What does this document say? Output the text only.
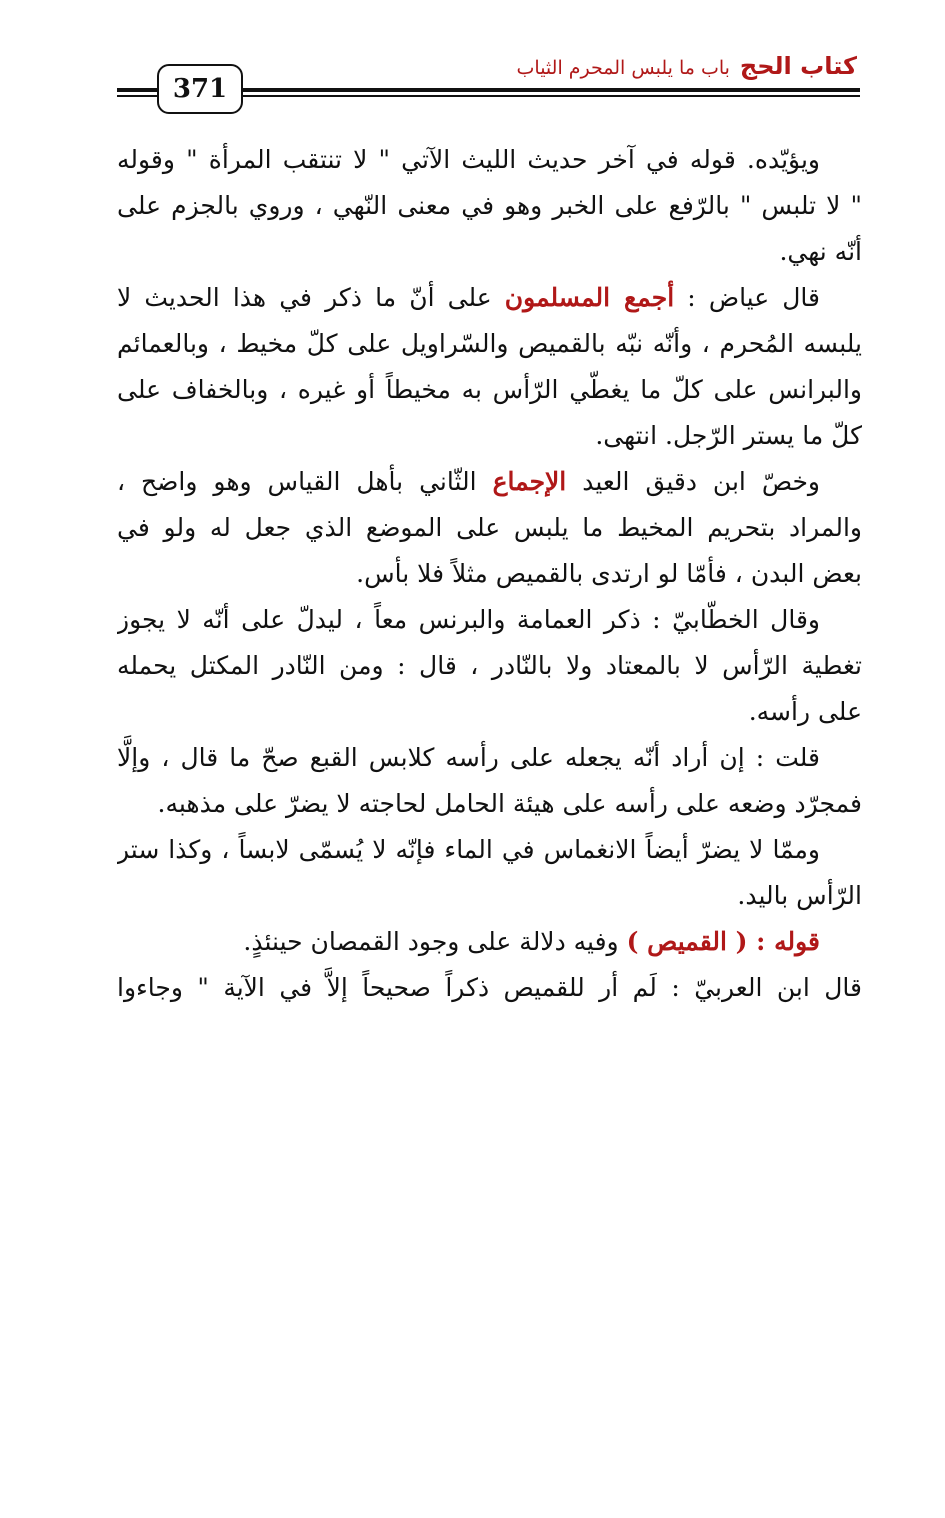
كتاب الحج
باب ما يلبس المحرم الثياب
371
ويؤيّده. قوله في آخر حديث الليث الآتي " لا تنتقب المرأة " وقوله
" لا تلبس " بالرّفع على الخبر وهو في معنى النّهي ، وروي بالجزم على
أنّه نهي.
قال عياض : أجمع المسلمون على أنّ ما ذكر في هذا الحديث لا
يلبسه المُحرم ، وأنّه نبّه بالقميص والسّراويل على كلّ مخيط ، وبالعمائم
والبرانس على كلّ ما يغطّي الرّأس به مخيطاً أو غيره ، وبالخفاف على
كلّ ما يستر الرّجل. انتهى.
وخصّ ابن دقيق العيد الإجماع الثّاني بأهل القياس وهو واضح ،
والمراد بتحريم المخيط ما يلبس على الموضع الذي جعل له ولو في
بعض البدن ، فأمّا لو ارتدى بالقميص مثلاً فلا بأس.
وقال الخطّابيّ : ذكر العمامة والبرنس معاً ، ليدلّ على أنّه لا يجوز
تغطية الرّأس لا بالمعتاد ولا بالنّادر ، قال : ومن النّادر المكتل يحمله
على رأسه.
قلت : إن أراد أنّه يجعله على رأسه كلابس القبع صحّ ما قال ، وإلَّا
فمجرّد وضعه على رأسه على هيئة الحامل لحاجته لا يضرّ على مذهبه.
وممّا لا يضرّ أيضاً الانغماس في الماء فإنّه لا يُسمّى لابساً ، وكذا ستر
الرّأس باليد.
قوله : ( القميص ) وفيه دلالة على وجود القمصان حينئذٍ.
قال ابن العربيّ : لَم أر للقميص ذكراً صحيحاً إلاَّ في الآية " وجاءوا
